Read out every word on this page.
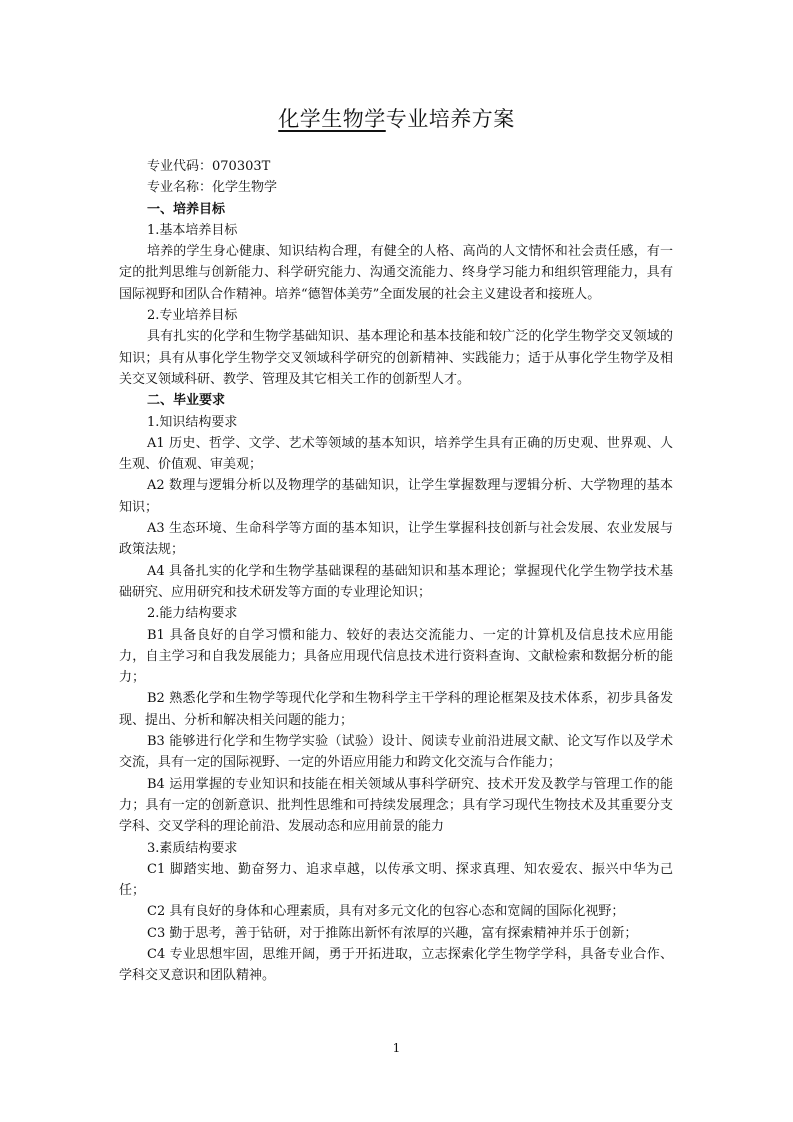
化学生物学专业培养方案

专业代码：070303T

专业名称：化学生物学

一、培养目标

1.基本培养目标

培养的学生身心健康、知识结构合理，有健全的人格、高尚的人文情怀和社会责任感，有一定的批判思维与创新能力、科学研究能力、沟通交流能力、终身学习能力和组织管理能力，具有国际视野和团队合作精神。培养“德智体美劳”全面发展的社会主义建设者和接班人。

2.专业培养目标

具有扎实的化学和生物学基础知识、基本理论和基本技能和较广泛的化学生物学交叉领域的知识；具有从事化学生物学交叉领域科学研究的创新精神、实践能力；适于从事化学生物学及相关交叉领域科研、教学、管理及其它相关工作的创新型人才。

二、毕业要求

1.知识结构要求

A1 历史、哲学、文学、艺术等领域的基本知识，培养学生具有正确的历史观、世界观、人生观、价值观、审美观；

A2 数理与逻辑分析以及物理学的基础知识，让学生掌握数理与逻辑分析、大学物理的基本知识；

A3 生态环境、生命科学等方面的基本知识，让学生掌握科技创新与社会发展、农业发展与政策法规；

A4 具备扎实的化学和生物学基础课程的基础知识和基本理论；掌握现代化学生物学技术基础研究、应用研究和技术研发等方面的专业理论知识；

2.能力结构要求

B1 具备良好的自学习惯和能力、较好的表达交流能力、一定的计算机及信息技术应用能力，自主学习和自我发展能力；具备应用现代信息技术进行资料查询、文献检索和数据分析的能力；

B2 熟悉化学和生物学等现代化学和生物科学主干学科的理论框架及技术体系，初步具备发现、提出、分析和解决相关问题的能力；

B3 能够进行化学和生物学实验（试验）设计、阅读专业前沿进展文献、论文写作以及学术交流，具有一定的国际视野、一定的外语应用能力和跨文化交流与合作能力；

B4 运用掌握的专业知识和技能在相关领域从事科学研究、技术开发及教学与管理工作的能力；具有一定的创新意识、批判性思维和可持续发展理念；具有学习现代生物技术及其重要分支学科、交叉学科的理论前沿、发展动态和应用前景的能力

3.素质结构要求

C1 脚踏实地、勤奋努力、追求卓越，以传承文明、探求真理、知农爱农、振兴中华为己任；

C2 具有良好的身体和心理素质，具有对多元文化的包容心态和宽阔的国际化视野；

C3 勤于思考，善于钻研，对于推陈出新怀有浓厚的兴趣，富有探索精神并乐于创新；

C4 专业思想牢固，思维开阔，勇于开拓进取，立志探索化学生物学学科，具备专业合作、学科交叉意识和团队精神。

1
